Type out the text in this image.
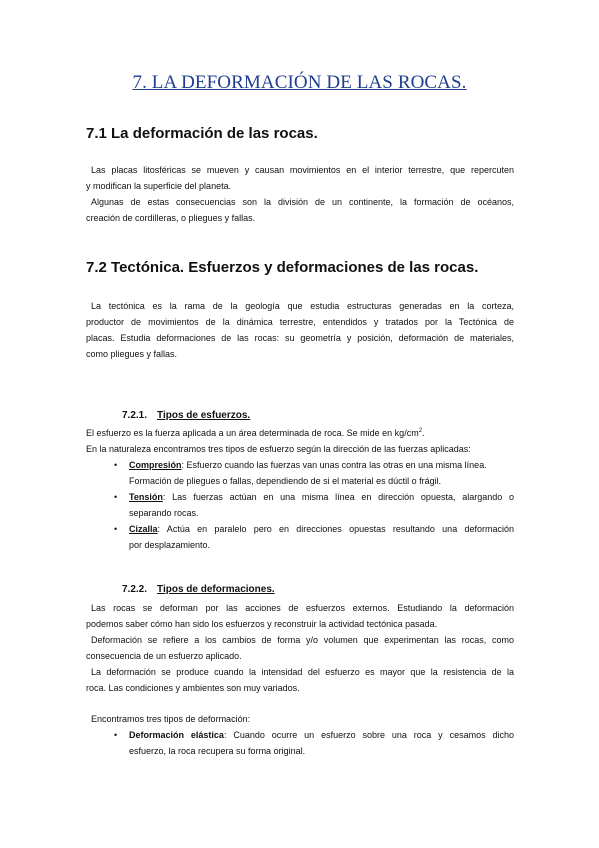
7. LA DEFORMACIÓN DE LAS ROCAS.
7.1 La deformación de las rocas.

Las placas litosféricas se mueven y causan movimientos en el interior terrestre, que repercuten
y modifican la superficie del planeta.

Algunas de estas consecuencias son la división de un continente, la formación de océanos,
creación de cordilleras, o pliegues y fallas.

7.2 Tectónica. Esfuerzos y deformaciones de las rocas.

La tectónica es la rama de la geología que estudia estructuras generadas en la corteza,
productor de movimientos de la dinámica terrestre, entendidos y tratados por la Tectónica de
placas. Estudia deformaciones de las rocas: su geometría y posición, deformación de materiales,
como pliegues y fallas.

7.2.1. Tipos de esfuerzos.

El esfuerzo es la fuerza aplicada a un área determinada de roca. Se mide en $kg/cm^2$.
En la naturaleza encontramos tres tipos de esfuerzo según la dirección de las fuerzas aplicadas:

• Compresión: Esfuerzo cuando las fuerzas van unas contra las otras en una misma línea.
Formación de pliegues o fallas, dependiendo de si el material es dúctil o frágil.
• Tensión: Las fuerzas actúan en una misma línea en dirección opuesta, alargando o
separando rocas.
• Cizalla: Actúa en paralelo pero en direcciones opuestas resultando una deformación
por desplazamiento.
7.2.2. Tipos de deformaciones.

Las rocas se deforman por las acciones de esfuerzos externos. Estudiando la deformación
podemos saber cómo han sido los esfuerzos y reconstruir la actividad tectónica pasada.

Deformación se refiere a los cambios de forma y/o volumen que experimentan las rocas, como
consecuencia de un esfuerzo aplicado.

La deformación se produce cuando la intensidad del esfuerzo es mayor que la resistencia de la
roca. Las condiciones y ambientes son muy variados.

Encontramos tres tipos de deformación:

• Deformación elástica: Cuando ocurre un esfuerzo sobre una roca y cesamos dicho
esfuerzo, la roca recupera su forma original.
